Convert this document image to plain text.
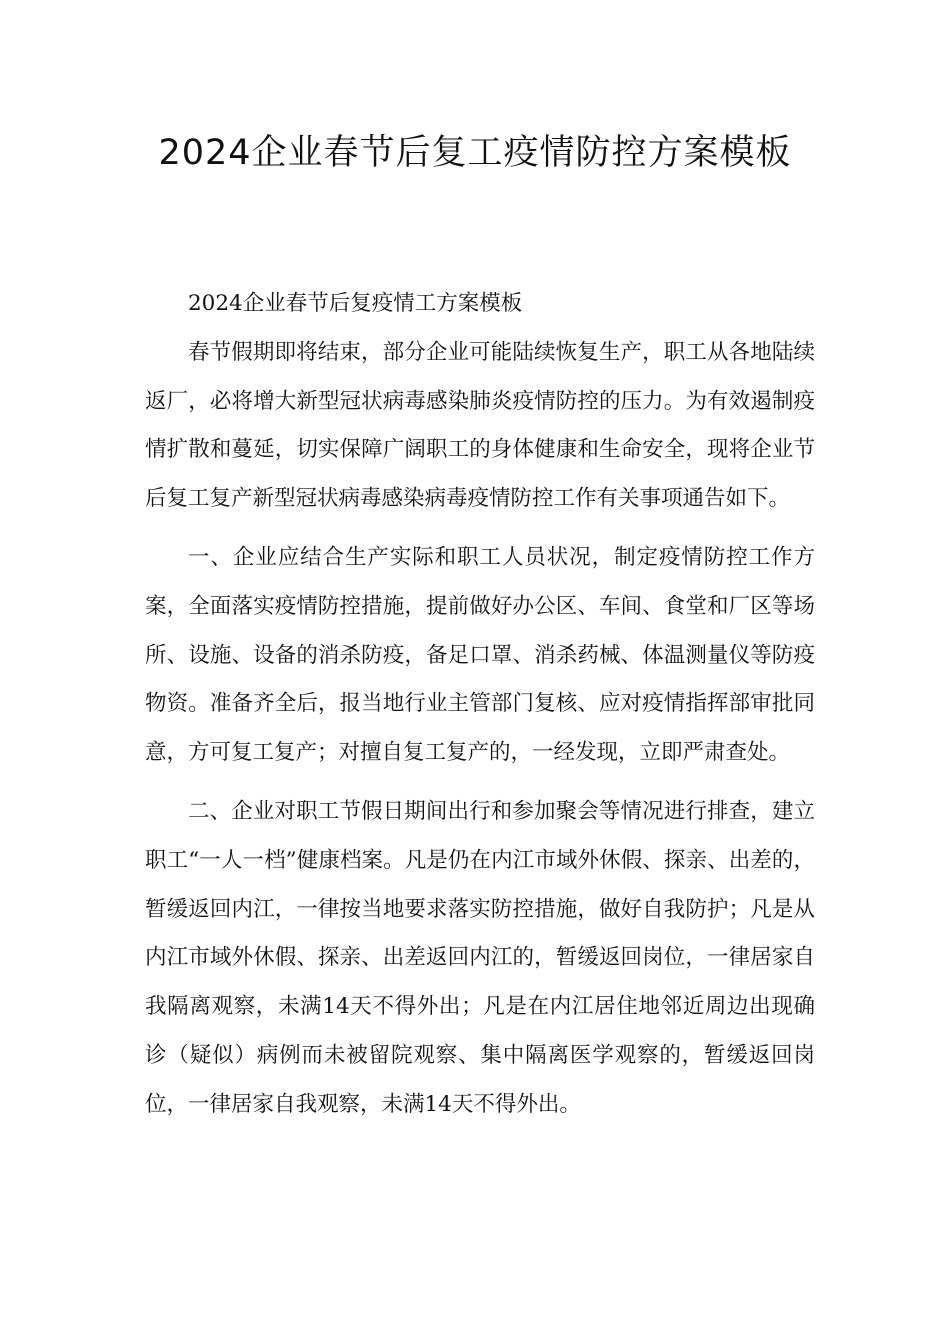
2024企业春节后复工疫情防控方案模板

2024企业春节后复疫情工方案模板

春节假期即将结束，部分企业可能陆续恢复生产，职工从各地陆续返厂，必将增大新型冠状病毒感染肺炎疫情防控的压力。为有效遏制疫情扩散和蔓延，切实保障广阔职工的身体健康和生命安全，现将企业节后复工复产新型冠状病毒感染病毒疫情防控工作有关事项通告如下。

一、企业应结合生产实际和职工人员状况，制定疫情防控工作方案，全面落实疫情防控措施，提前做好办公区、车间、食堂和厂区等场所、设施、设备的消杀防疫，备足口罩、消杀药械、体温测量仪等防疫物资。准备齐全后，报当地行业主管部门复核、应对疫情指挥部审批同意，方可复工复产；对擅自复工复产的，一经发现，立即严肃查处。

二、企业对职工节假日期间出行和参加聚会等情况进行排查，建立职工“一人一档”健康档案。凡是仍在内江市域外休假、探亲、出差的，暂缓返回内江，一律按当地要求落实防控措施，做好自我防护；凡是从内江市域外休假、探亲、出差返回内江的，暂缓返回岗位，一律居家自我隔离观察，未满14天不得外出；凡是在内江居住地邻近周边出现确诊（疑似）病例而未被留院观察、集中隔离医学观察的，暂缓返回岗位，一律居家自我观察，未满14天不得外出。
